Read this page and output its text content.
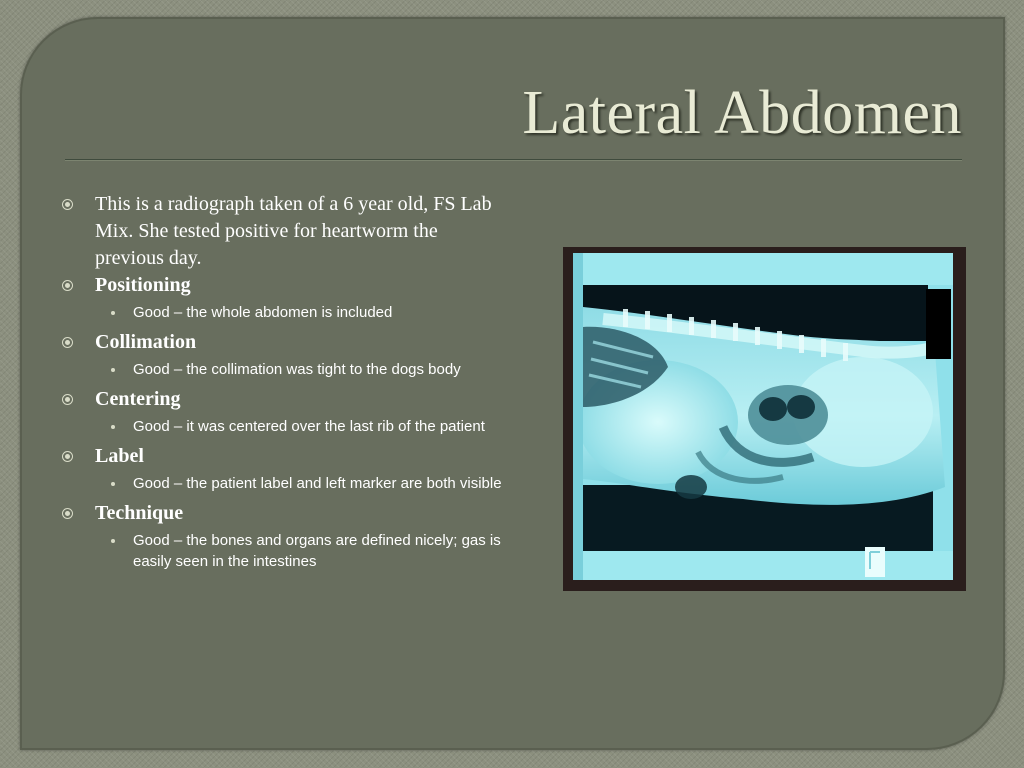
Lateral Abdomen
This is a radiograph taken of a 6 year old, FS Lab Mix. She tested positive for heartworm the previous day.
Positioning
Good – the whole abdomen is included
Collimation
Good – the collimation was tight to the dogs body
Centering
Good – it was centered over the last rib of the patient
Label
Good – the patient label and left marker are both visible
Technique
Good – the bones and organs are defined nicely; gas is easily seen in the intestines
